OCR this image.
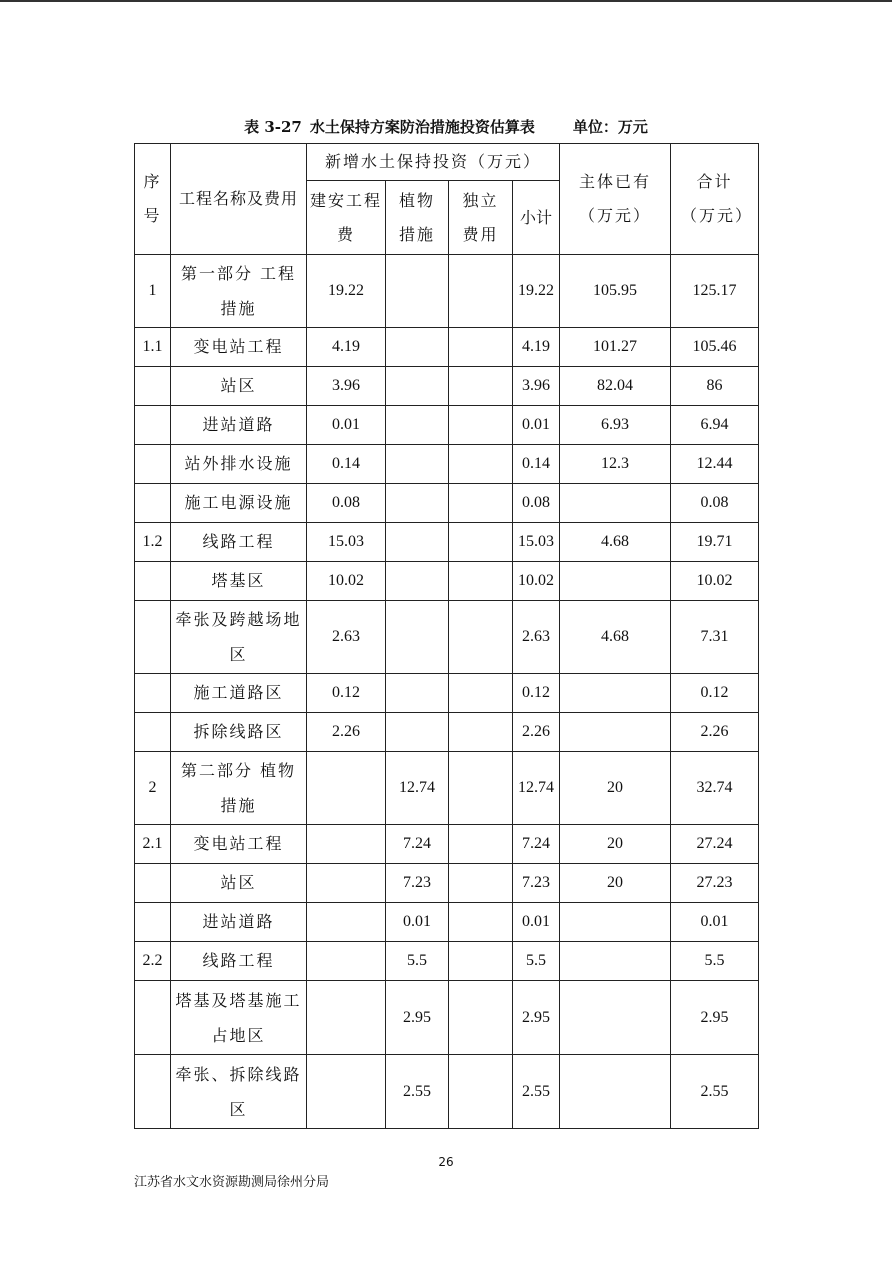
表 3-27 水土保持方案防治措施投资估算表	单位：万元
序号	工程名称及费用	新增水土保持投资（万元）				主体已有（万元）	合计（万元）
		建安工程费	植物措施	独立费用	小计		
1	第一部分 工程措施	19.22			19.22	105.95	125.17
1.1	变电站工程	4.19			4.19	101.27	105.46
	站区	3.96			3.96	82.04	86
	进站道路	0.01			0.01	6.93	6.94
	站外排水设施	0.14			0.14	12.3	12.44
	施工电源设施	0.08			0.08		0.08
1.2	线路工程	15.03			15.03	4.68	19.71
	塔基区	10.02			10.02		10.02
	牵张及跨越场地区	2.63			2.63	4.68	7.31
	施工道路区	0.12			0.12		0.12
	拆除线路区	2.26			2.26		2.26
2	第二部分 植物措施		12.74		12.74	20	32.74
2.1	变电站工程		7.24		7.24	20	27.24
	站区		7.23		7.23	20	27.23
	进站道路		0.01		0.01		0.01
2.2	线路工程		5.5		5.5		5.5
	塔基及塔基施工占地区		2.95		2.95		2.95
	牵张、拆除线路区		2.55		2.55		2.55
26
江苏省水文水资源勘测局徐州分局
